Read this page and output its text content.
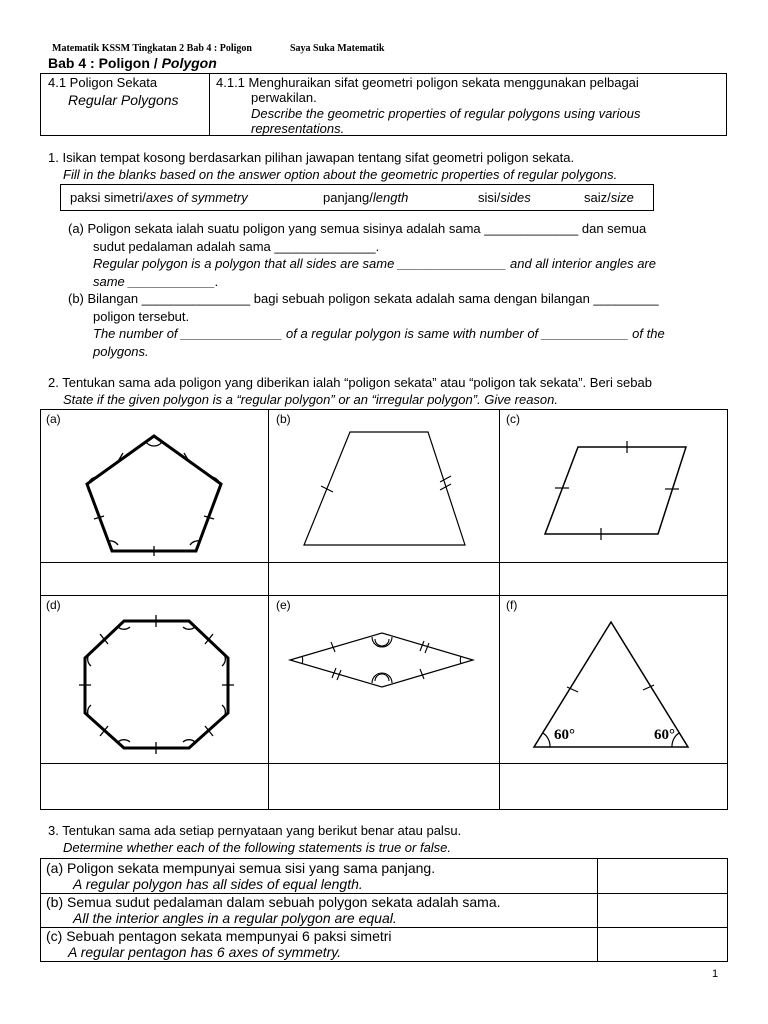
Matematik KSSM Tingkatan 2 Bab 4 : Poligon	Saya Suka Matematik
Bab 4 : Poligon / Polygon
4.1 Poligon Sekata
Regular Polygons
4.1.1 Menghuraikan sifat geometri poligon sekata menggunakan pelbagai
perwakilan.
Describe the geometric properties of regular polygons using various
representations.
1. Isikan tempat kosong berdasarkan pilihan jawapan tentang sifat geometri poligon sekata.
Fill in the blanks based on the answer option about the geometric properties of regular polygons.
paksi simetri/axes of symmetry	panjang/length	sisi/sides	saiz/size
(a) Poligon sekata ialah suatu poligon yang semua sisinya adalah sama _____________ dan semua
sudut pedalaman adalah sama ______________.
Regular polygon is a polygon that all sides are same _______________ and all interior angles are
same ____________.
(b) Bilangan _______________ bagi sebuah poligon sekata adalah sama dengan bilangan _________
poligon tersebut.
The number of ______________ of a regular polygon is same with number of ____________ of the
polygons.
2. Tentukan sama ada poligon yang diberikan ialah “poligon sekata” atau “poligon tak sekata”. Beri sebab
State if the given polygon is a “regular polygon” or an “irregular polygon”. Give reason.
(a)	(b)	(c)
(d)	(e)	(f)
60°	60°
3. Tentukan sama ada setiap pernyataan yang berikut benar atau palsu.
Determine whether each of the following statements is true or false.
(a) Poligon sekata mempunyai semua sisi yang sama panjang.
A regular polygon has all sides of equal length.
(b) Semua sudut pedalaman dalam sebuah polygon sekata adalah sama.
All the interior angles in a regular polygon are equal.
(c) Sebuah pentagon sekata mempunyai 6 paksi simetri
A regular pentagon has 6 axes of symmetry.
1
